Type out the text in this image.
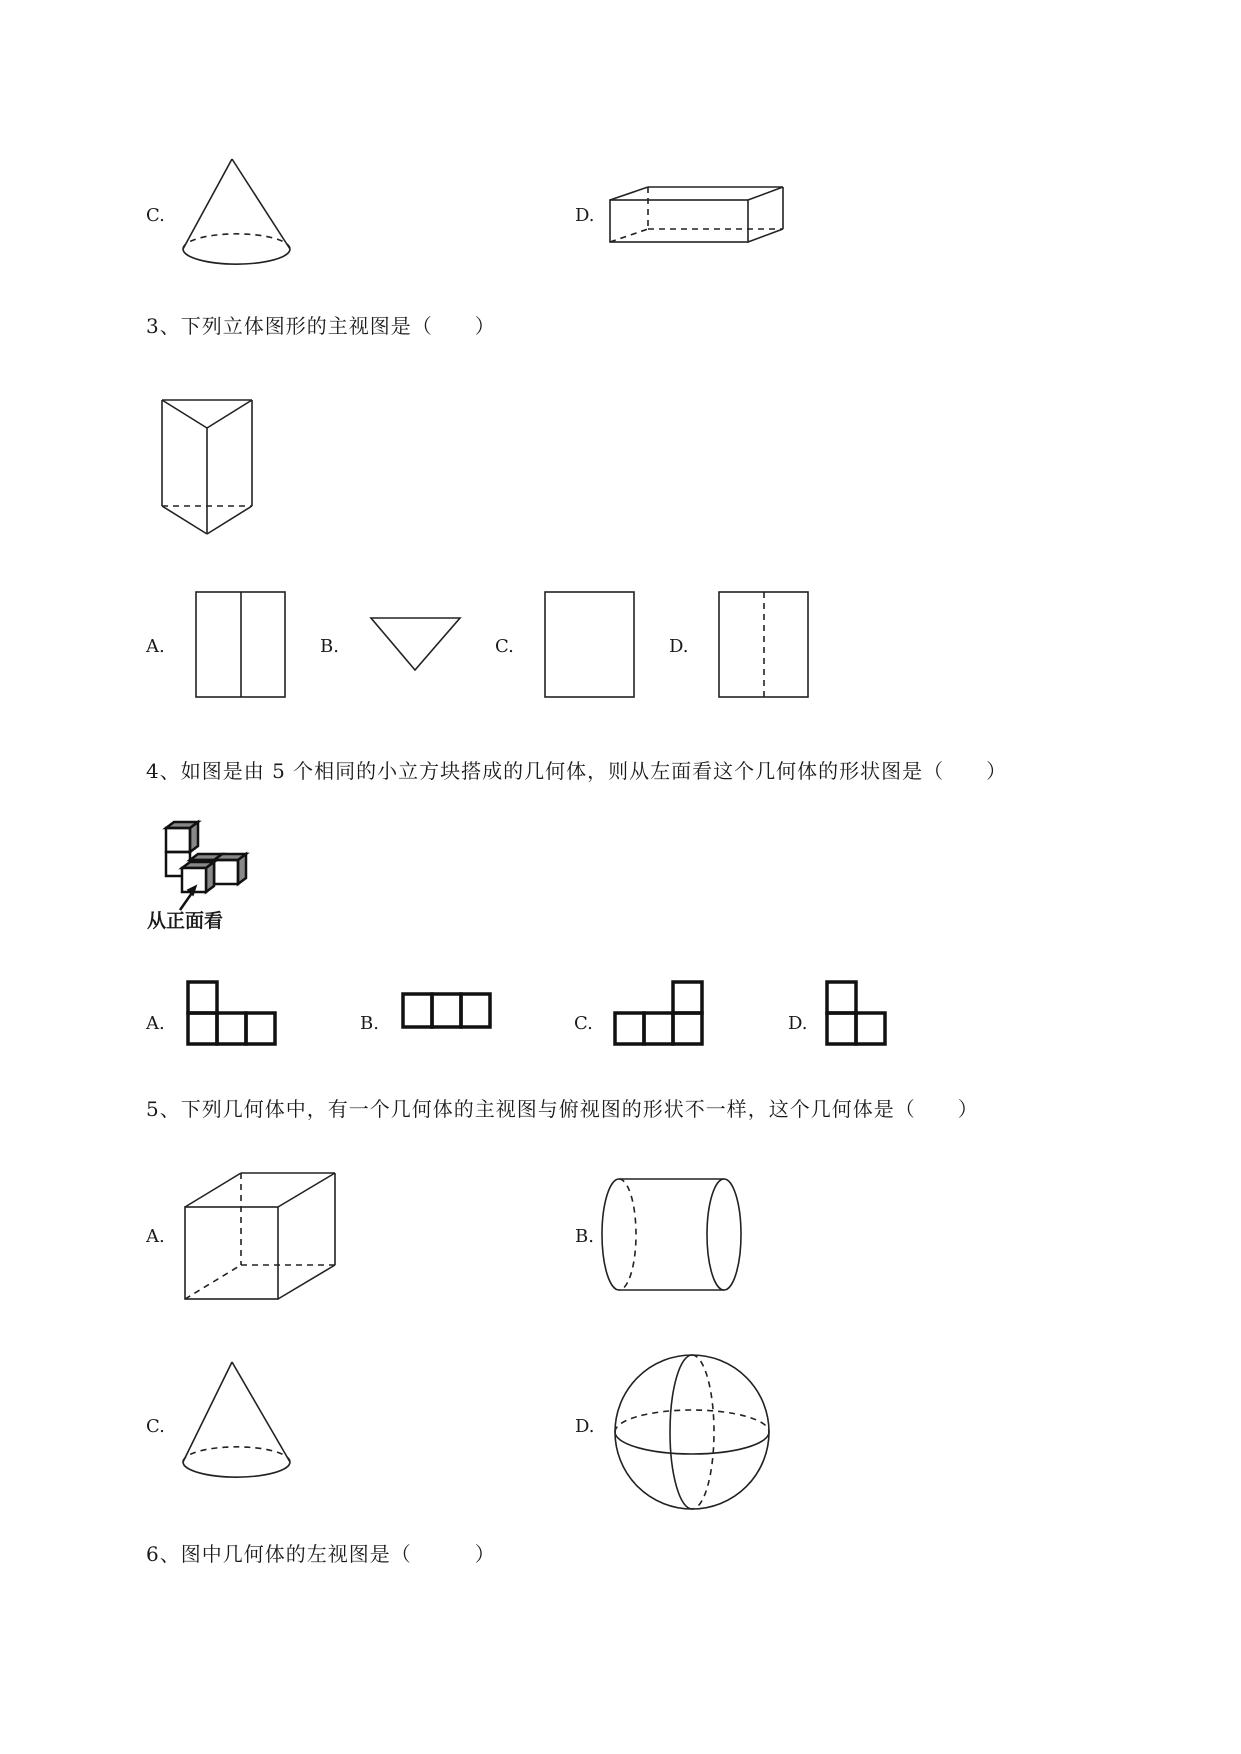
C.	D.
3、下列立体图形的主视图是（　　）
A.	B.	C.	D.
4、如图是由 5 个相同的小立方块搭成的几何体，则从左面看这个几何体的形状图是（　　）
从正面看
A.	B.	C.	D.
5、下列几何体中，有一个几何体的主视图与俯视图的形状不一样，这个几何体是（　　）
A.	B.
C.	D.
6、图中几何体的左视图是（　　　）
